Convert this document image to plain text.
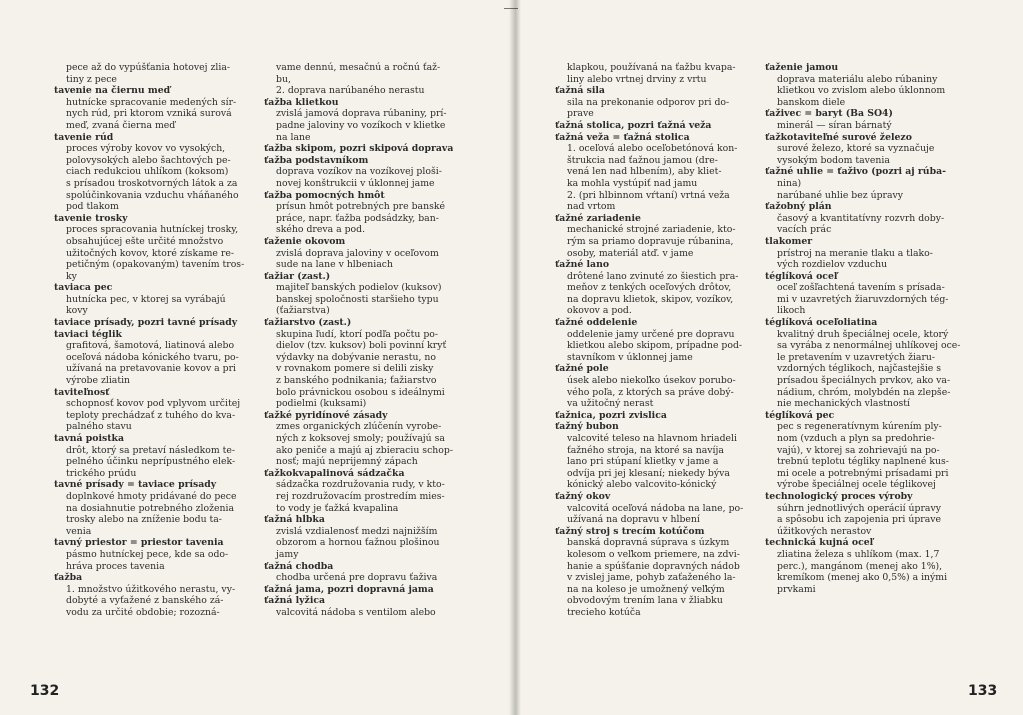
pece až do vypúšťania hotovej zlia-
tiny z pece
tavenie na čiernu meď
hutnícke spracovanie medených sír-
nych rúd, pri ktorom vzniká surová
meď, zvaná čierna meď
tavenie rúd
proces výroby kovov vo vysokých,
polovysokých alebo šachtových pe-
ciach redukciou uhlíkom (koksom)
s prísadou troskotvorných látok a za
spolúčinkovania vzduchu vháňaného
pod tlakom
tavenie trosky
proces spracovania hutníckej trosky,
obsahujúcej ešte určité množstvo
užitočných kovov, ktoré získame re-
petičným (opakovaným) tavením tros-
ky
taviaca pec
hutnícka pec, v ktorej sa vyrábajú
kovy
taviace prísady, pozri tavné prísady
taviaci téglik
grafitová, šamotová, liatinová alebo
oceľová nádoba kónického tvaru, po-
užívaná na pretavovanie kovov a pri
výrobe zliatin
taviteľnosť
schopnosť kovov pod vplyvom určitej
teploty prechádzať z tuhého do kva-
palného stavu
tavná poistka
drôt, ktorý sa pretaví následkom te-
pelného účinku neprípustného elek-
trického prúdu
tavné prísady = taviace prísady
doplnkové hmoty pridávané do pece
na dosiahnutie potrebného zloženia
trosky alebo na zníženie bodu ta-
venia
tavný priestor = priestor tavenia
pásmo hutníckej pece, kde sa odo-
hráva proces tavenia
ťažba
1. množstvo úžitkového nerastu, vy-
dobyté a vyťažené z banského zá-
vodu za určité obdobie; rozozná-
vame dennú, mesačnú a ročnú ťaž-
bu,
2. doprava narúbaného nerastu
ťažba klietkou
zvislá jamová doprava rúbaniny, prí-
padne jaloviny vo vozíkoch v klietke
na lane
ťažba skipom, pozri skipová doprava
ťažba podstavníkom
doprava vozíkov na vozíkovej ploši-
novej konštrukcii v úklonnej jame
ťažba pomocných hmôt
prísun hmôt potrebných pre banské
práce, napr. ťažba podsádzky, ban-
ského dreva a pod.
ťaženie okovom
zvislá doprava jaloviny v oceľovom
sude na lane v hlbeniach
ťažiar (zast.)
majiteľ banských podielov (kuksov)
banskej spoločnosti staršieho typu
(ťažiarstva)
ťažiarstvo (zast.)
skupina ľudí, ktorí podľa počtu po-
dielov (tzv. kuksov) boli povinní kryť
výdavky na dobývanie nerastu, no
v rovnakom pomere si delili zisky
z banského podnikania; ťažiarstvo
bolo právnickou osobou s ideálnymi
podielmi (kuksami)
ťažké pyridínové zásady
zmes organických zlúčenín vyrobe-
ných z koksovej smoly; používajú sa
ako peniče a majú aj zbieraciu schop-
nosť; majú neprijemný zápach
ťažkokvapalinová sádzačka
sádzačka rozdružovania rudy, v kto-
rej rozdružovacím prostredím mies-
to vody je ťažká kvapalina
ťažná hĺbka
zvislá vzdialenosť medzi najnižším
obzorom a hornou ťažnou plošinou
jamy
ťažná chodba
chodba určená pre dopravu ťaživa
ťažná jama, pozri dopravná jama
ťažná lyžica
valcovitá nádoba s ventilom alebo
klapkou, používaná na ťažbu kvapa-
liny alebo vrtnej drviny z vrtu
ťažná sila
sila na prekonanie odporov pri do-
prave
ťažná stolica, pozri ťažná veža
ťažná veža = ťažná stolica
1. oceľová alebo oceľobetónová kon-
štrukcia nad ťažnou jamou (dre-
vená len nad hĺbením), aby kliet-
ka mohla vystúpiť nad jamu
2. (pri hĺbinnom vŕtaní) vrtná veža
nad vrtom
ťažné zariadenie
mechanické strojné zariadenie, kto-
rým sa priamo dopravuje rúbanina,
osoby, materiál atď. v jame
ťažné lano
drôtené lano zvinuté zo šiestich pra-
meňov z tenkých oceľových drôtov,
na dopravu klietok, skipov, vozíkov,
okovov a pod.
ťažné oddelenie
oddelenie jamy určené pre dopravu
klietkou alebo skipom, prípadne pod-
stavníkom v úklonnej jame
ťažné pole
úsek alebo niekoľko úsekov porubo-
vého poľa, z ktorých sa práve dobý-
va užitočný nerast
ťažnica, pozri zvislica
ťažný bubon
valcovité teleso na hlavnom hriadeli
ťažného stroja, na ktoré sa navíja
lano pri stúpaní klietky v jame a
odvíja pri jej klesaní; niekedy býva
kónický alebo valcovito-kónický
ťažný okov
valcovitá oceľová nádoba na lane, po-
užívaná na dopravu v hĺbení
ťažný stroj s trecím kotúčom
banská dopravná súprava s úzkym
kolesom o veľkom priemere, na zdvi-
hanie a spúšťanie dopravných nádob
v zvislej jame, pohyb zaťaženého la-
na na koleso je umožnený veľkým
obvodovým trením lana v žliabku
trecieho kotúča
ťaženie jamou
doprava materiálu alebo rúbaniny
klietkou vo zvislom alebo úklonnom
banskom diele
ťaživec = baryt (Ba SO4)
minerál — síran bárnatý
ťažkotaviteľné surové železo
surové železo, ktoré sa vyznačuje
vysokým bodom tavenia
ťažné uhlie = ťaživo (pozri aj rúba-
nina)
narúbané uhlie bez úpravy
ťažobný plán
časový a kvantitatívny rozvrh doby-
vacích prác
tlakomer
prístroj na meranie tlaku a tlako-
vých rozdielov vzduchu
téglíková oceľ
oceľ zošľachtená tavením s prísada-
mi v uzavretých žiaruvzdorných tég-
likoch
téglíková oceľoliatina
kvalitný druh špeciálnej ocele, ktorý
sa vyrába z nenormálnej uhlíkovej oce-
le pretavením v uzavretých žiaru-
vzdorných téglikoch, najčastejšie s
prísadou špeciálnych prvkov, ako va-
nádium, chróm, molybdén na zlepše-
nie mechanických vlastností
téglíková pec
pec s regeneratívnym kúrením ply-
nom (vzduch a plyn sa predohrie-
vajú), v ktorej sa zohrievajú na po-
trebnú teplotu tégliky naplnené kus-
mi ocele a potrebnými prísadami pri
výrobe špeciálnej ocele téglikovej
technologický proces výroby
súhrn jednotlivých operácií úpravy
a spôsobu ich zapojenia pri úprave
úžitkových nerastov
technická kujná oceľ
zliatina železa s uhlíkom (max. 1,7
perc.), mangánom (menej ako 1%),
kremíkom (menej ako 0,5%) a inými
prvkami
132	133
